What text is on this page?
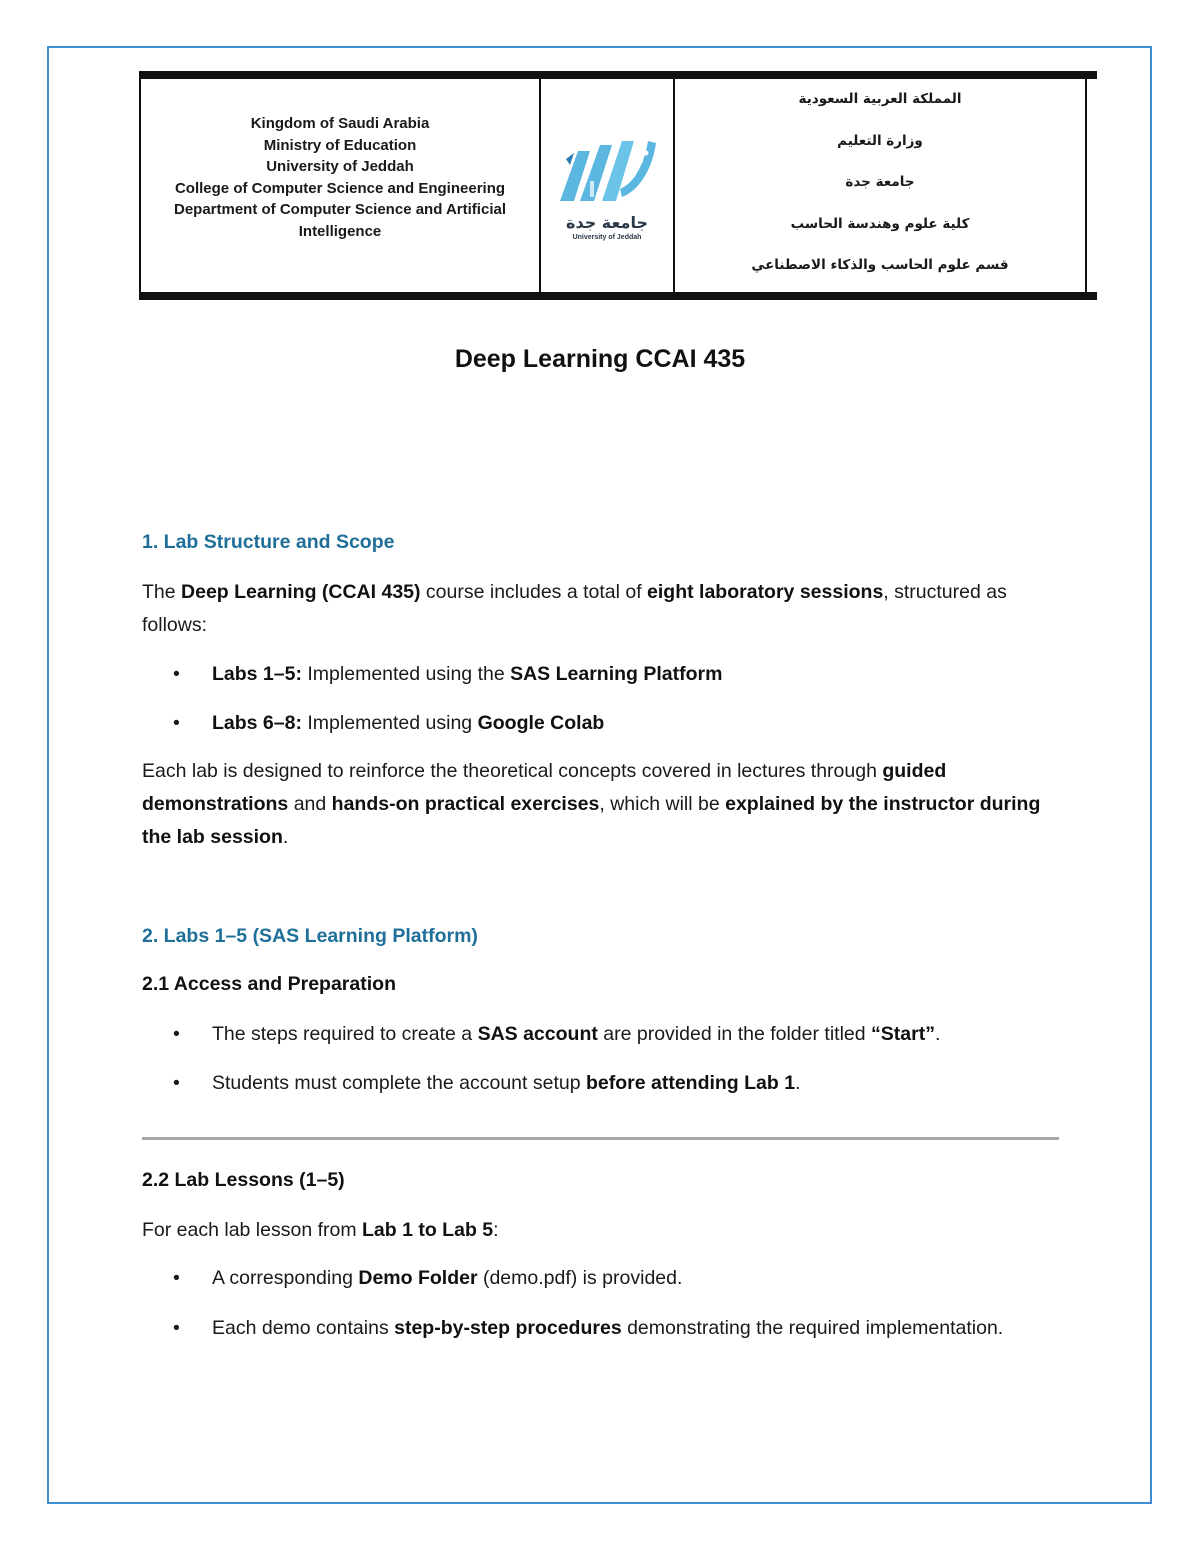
Kingdom of Saudi Arabia
Ministry of Education
University of Jeddah
College of Computer Science and Engineering
Department of Computer Science and Artificial Intelligence	جامعة جدة
University of Jeddah
المملكة العربية السعودية
وزارة التعليم
جامعة جدة
كلية علوم وهندسة الحاسب
قسم علوم الحاسب والذكاء الاصطناعي
Deep Learning CCAI 435
1. Lab Structure and Scope
The Deep Learning (CCAI 435) course includes a total of eight laboratory sessions, structured as follows:
• Labs 1–5: Implemented using the SAS Learning Platform
• Labs 6–8: Implemented using Google Colab
Each lab is designed to reinforce the theoretical concepts covered in lectures through guided demonstrations and hands-on practical exercises, which will be explained by the instructor during the lab session.
2. Labs 1–5 (SAS Learning Platform)
2.1 Access and Preparation
• The steps required to create a SAS account are provided in the folder titled “Start”.
• Students must complete the account setup before attending Lab 1.
2.2 Lab Lessons (1–5)
For each lab lesson from Lab 1 to Lab 5:
• A corresponding Demo Folder (demo.pdf) is provided.
• Each demo contains step-by-step procedures demonstrating the required implementation.
